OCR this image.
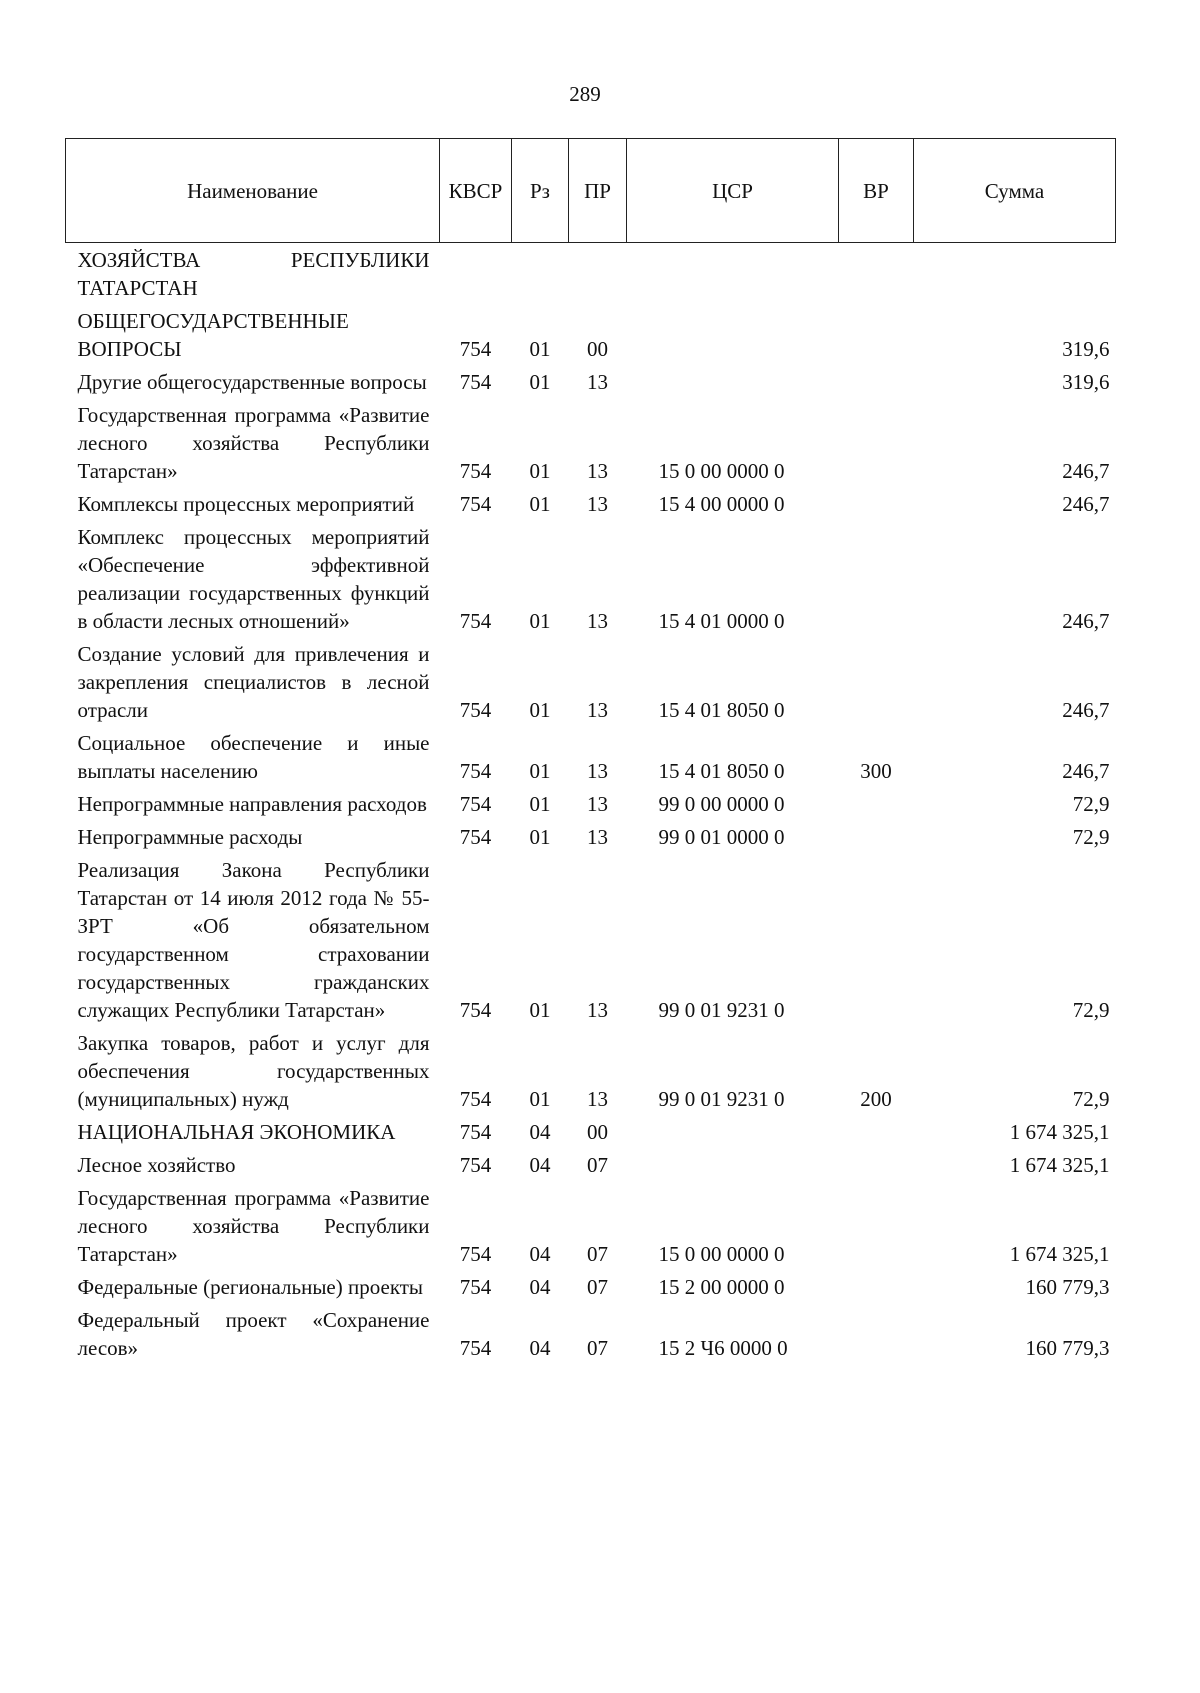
289
Наименование	КВСР	Рз	ПР	ЦСР	ВР	Сумма
ХОЗЯЙСТВА РЕСПУБЛИКИ ТАТАРСТАН						
ОБЩЕГОСУДАРСТВЕННЫЕ ВОПРОСЫ	754	01	00			319,6
Другие общегосударственные вопросы	754	01	13			319,6
Государственная программа «Развитие лесного хозяйства Республики Татарстан»	754	01	13	15 0 00 0000 0		246,7
Комплексы процессных мероприятий	754	01	13	15 4 00 0000 0		246,7
Комплекс процессных мероприятий «Обеспечение эффективной реализации государственных функций в области лесных отношений»	754	01	13	15 4 01 0000 0		246,7
Создание условий для привлечения и закрепления специалистов в лесной отрасли	754	01	13	15 4 01 8050 0		246,7
Социальное обеспечение и иные выплаты населению	754	01	13	15 4 01 8050 0	300	246,7
Непрограммные направления расходов	754	01	13	99 0 00 0000 0		72,9
Непрограммные расходы	754	01	13	99 0 01 0000 0		72,9
Реализация Закона Республики Татарстан от 14 июля 2012 года № 55-ЗРТ «Об обязательном государственном страховании государственных гражданских служащих Республики Татарстан»	754	01	13	99 0 01 9231 0		72,9
Закупка товаров, работ и услуг для обеспечения государственных (муниципальных) нужд	754	01	13	99 0 01 9231 0	200	72,9
НАЦИОНАЛЬНАЯ ЭКОНОМИКА	754	04	00			1 674 325,1
Лесное хозяйство	754	04	07			1 674 325,1
Государственная программа «Развитие лесного хозяйства Республики Татарстан»	754	04	07	15 0 00 0000 0		1 674 325,1
Федеральные (региональные) проекты	754	04	07	15 2 00 0000 0		160 779,3
Федеральный проект «Сохранение лесов»	754	04	07	15 2 Ч6 0000 0		160 779,3
